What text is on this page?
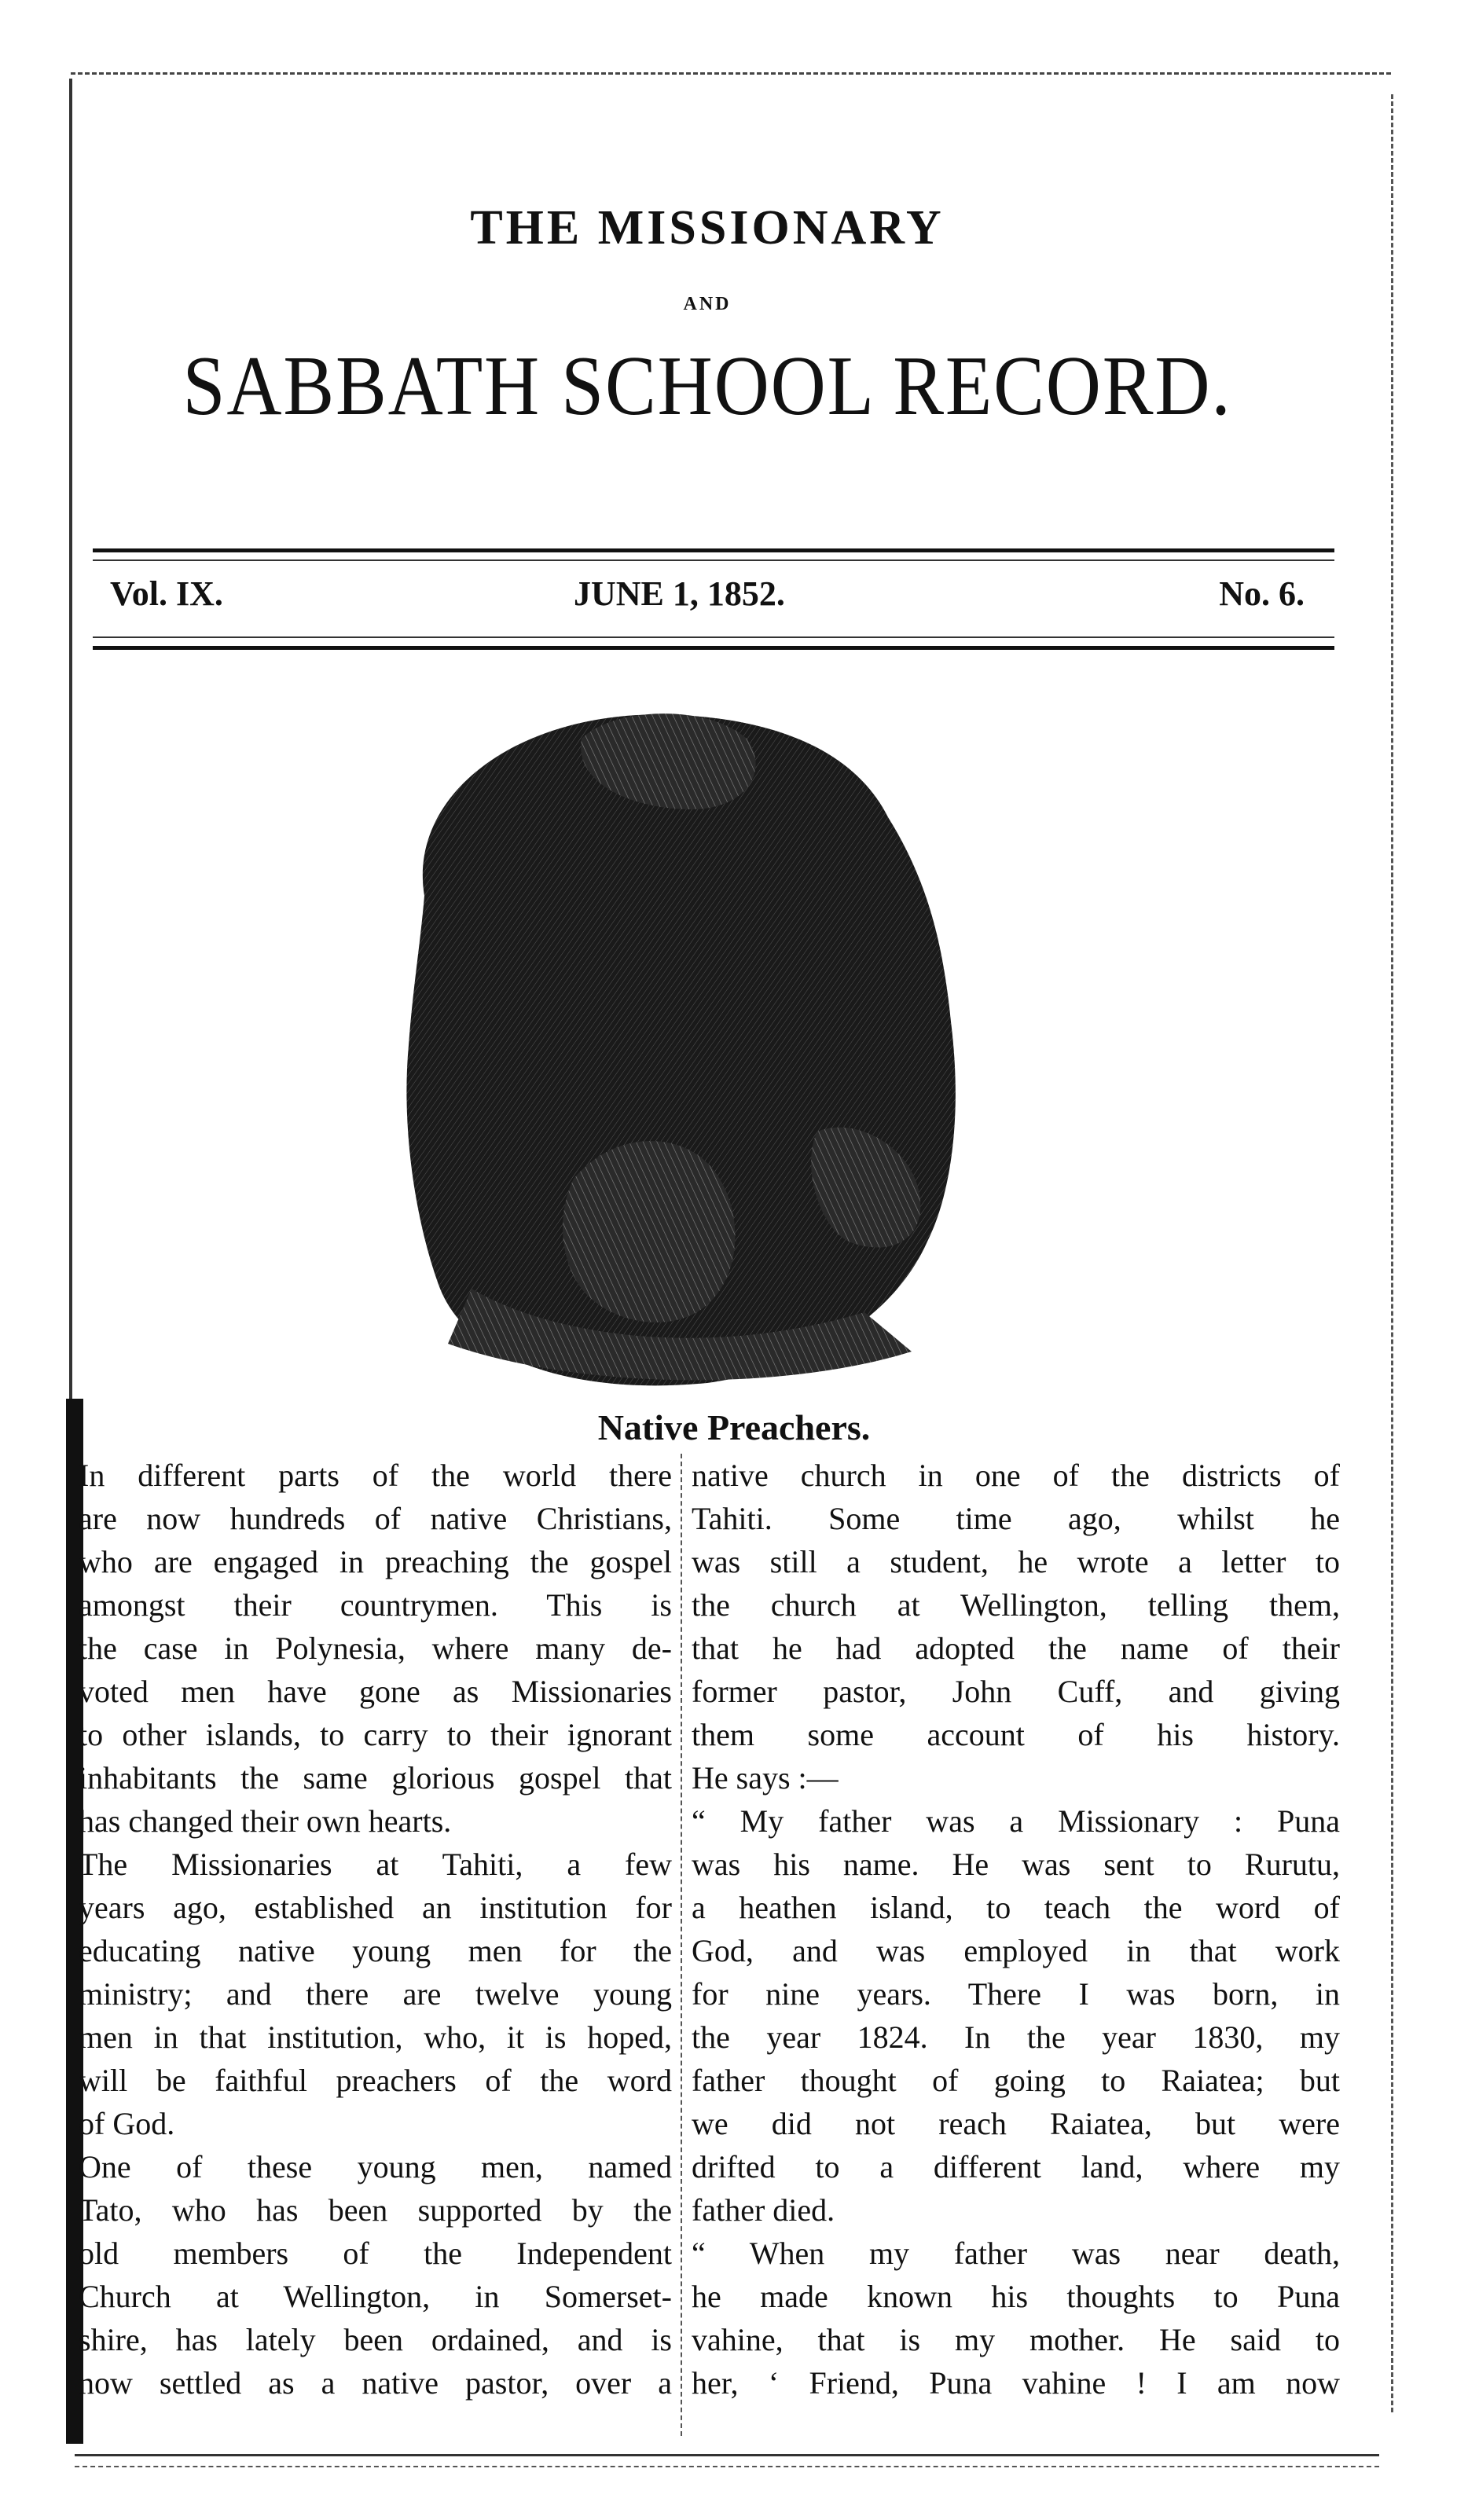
THE MISSIONARY
AND
SABBATH SCHOOL RECORD.
Vol. IX.	JUNE 1, 1852.	No. 6.
Native Preachers.
In different parts of the world there
are now hundreds of native Christians,
who are engaged in preaching the gospel
amongst their countrymen. This is
the case in Polynesia, where many de-
voted men have gone as Missionaries
to other islands, to carry to their ignorant
inhabitants the same glorious gospel that
has changed their own hearts.
The Missionaries at Tahiti, a few
years ago, established an institution for
educating native young men for the
ministry; and there are twelve young
men in that institution, who, it is hoped,
will be faithful preachers of the word
of God.
One of these young men, named
Tato, who has been supported by the
old members of the Independent
Church at Wellington, in Somerset-
shire, has lately been ordained, and is
now settled as a native pastor, over a
native church in one of the districts of
Tahiti. Some time ago, whilst he
was still a student, he wrote a letter to
the church at Wellington, telling them,
that he had adopted the name of their
former pastor, John Cuff, and giving
them some account of his history.
He says :—
“ My father was a Missionary : Puna
was his name. He was sent to Rurutu,
a heathen island, to teach the word of
God, and was employed in that work
for nine years. There I was born, in
the year 1824. In the year 1830, my
father thought of going to Raiatea; but
we did not reach Raiatea, but were
drifted to a different land, where my
father died.
“ When my father was near death,
he made known his thoughts to Puna
vahine, that is my mother. He said to
her, ‘ Friend, Puna vahine ! I am now
